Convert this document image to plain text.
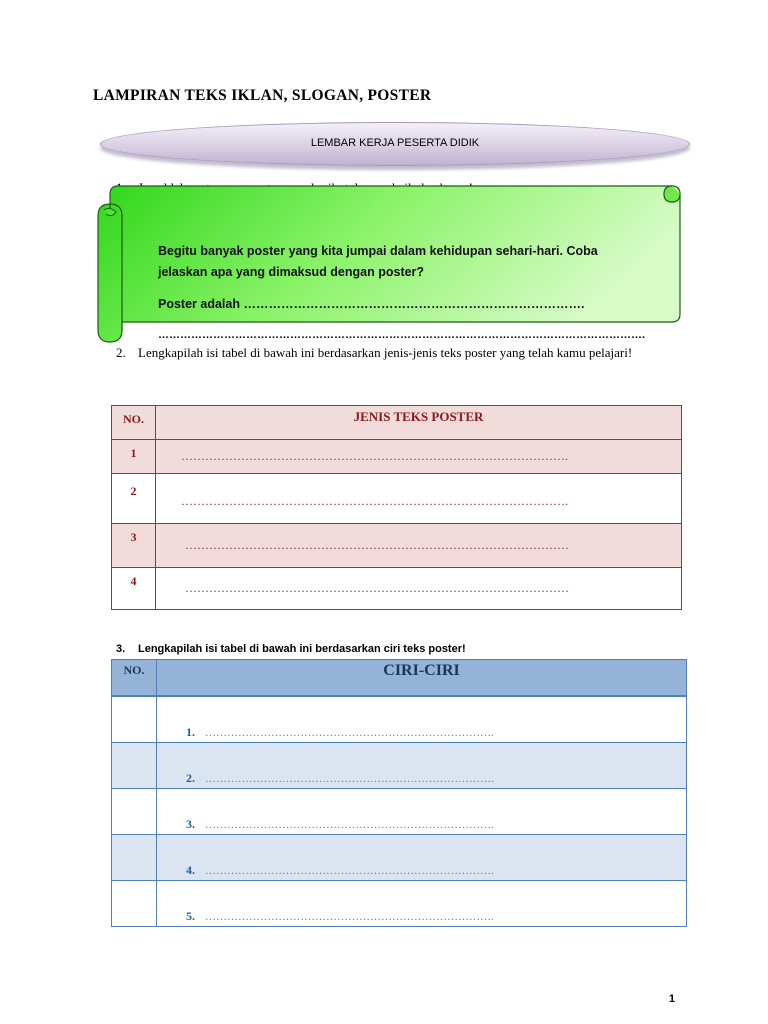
LAMPIRAN TEKS IKLAN, SLOGAN, POSTER
LEMBAR KERJA PESERTA DIDIK
Begitu banyak poster yang kita jumpai dalam kehidupan sehari-hari. Coba jelaskan apa yang dimaksud dengan poster?
Poster adalah ……………………………………………………………………….
…………………………………………………………………………………………………………………….
2. Lengkapilah isi tabel di bawah ini berdasarkan jenis-jenis teks poster yang telah kamu pelajari!
NO.	JENIS TEKS POSTER
1	…………………………………………………………………………………….
2	…………………………………………………………………………………….
3	……………………………………………………………………………………
4	……………………………………………………………………………………
3. Lengkapilah isi tabel di bawah ini berdasarkan ciri teks poster!
NO.	CIRI-CIRI
	1. …………………………………………………………………….
	2. …………………………………………………………………….
	3. …………………………………………………………………….
	4. …………………………………………………………………….
	5. …………………………………………………………………….
1
